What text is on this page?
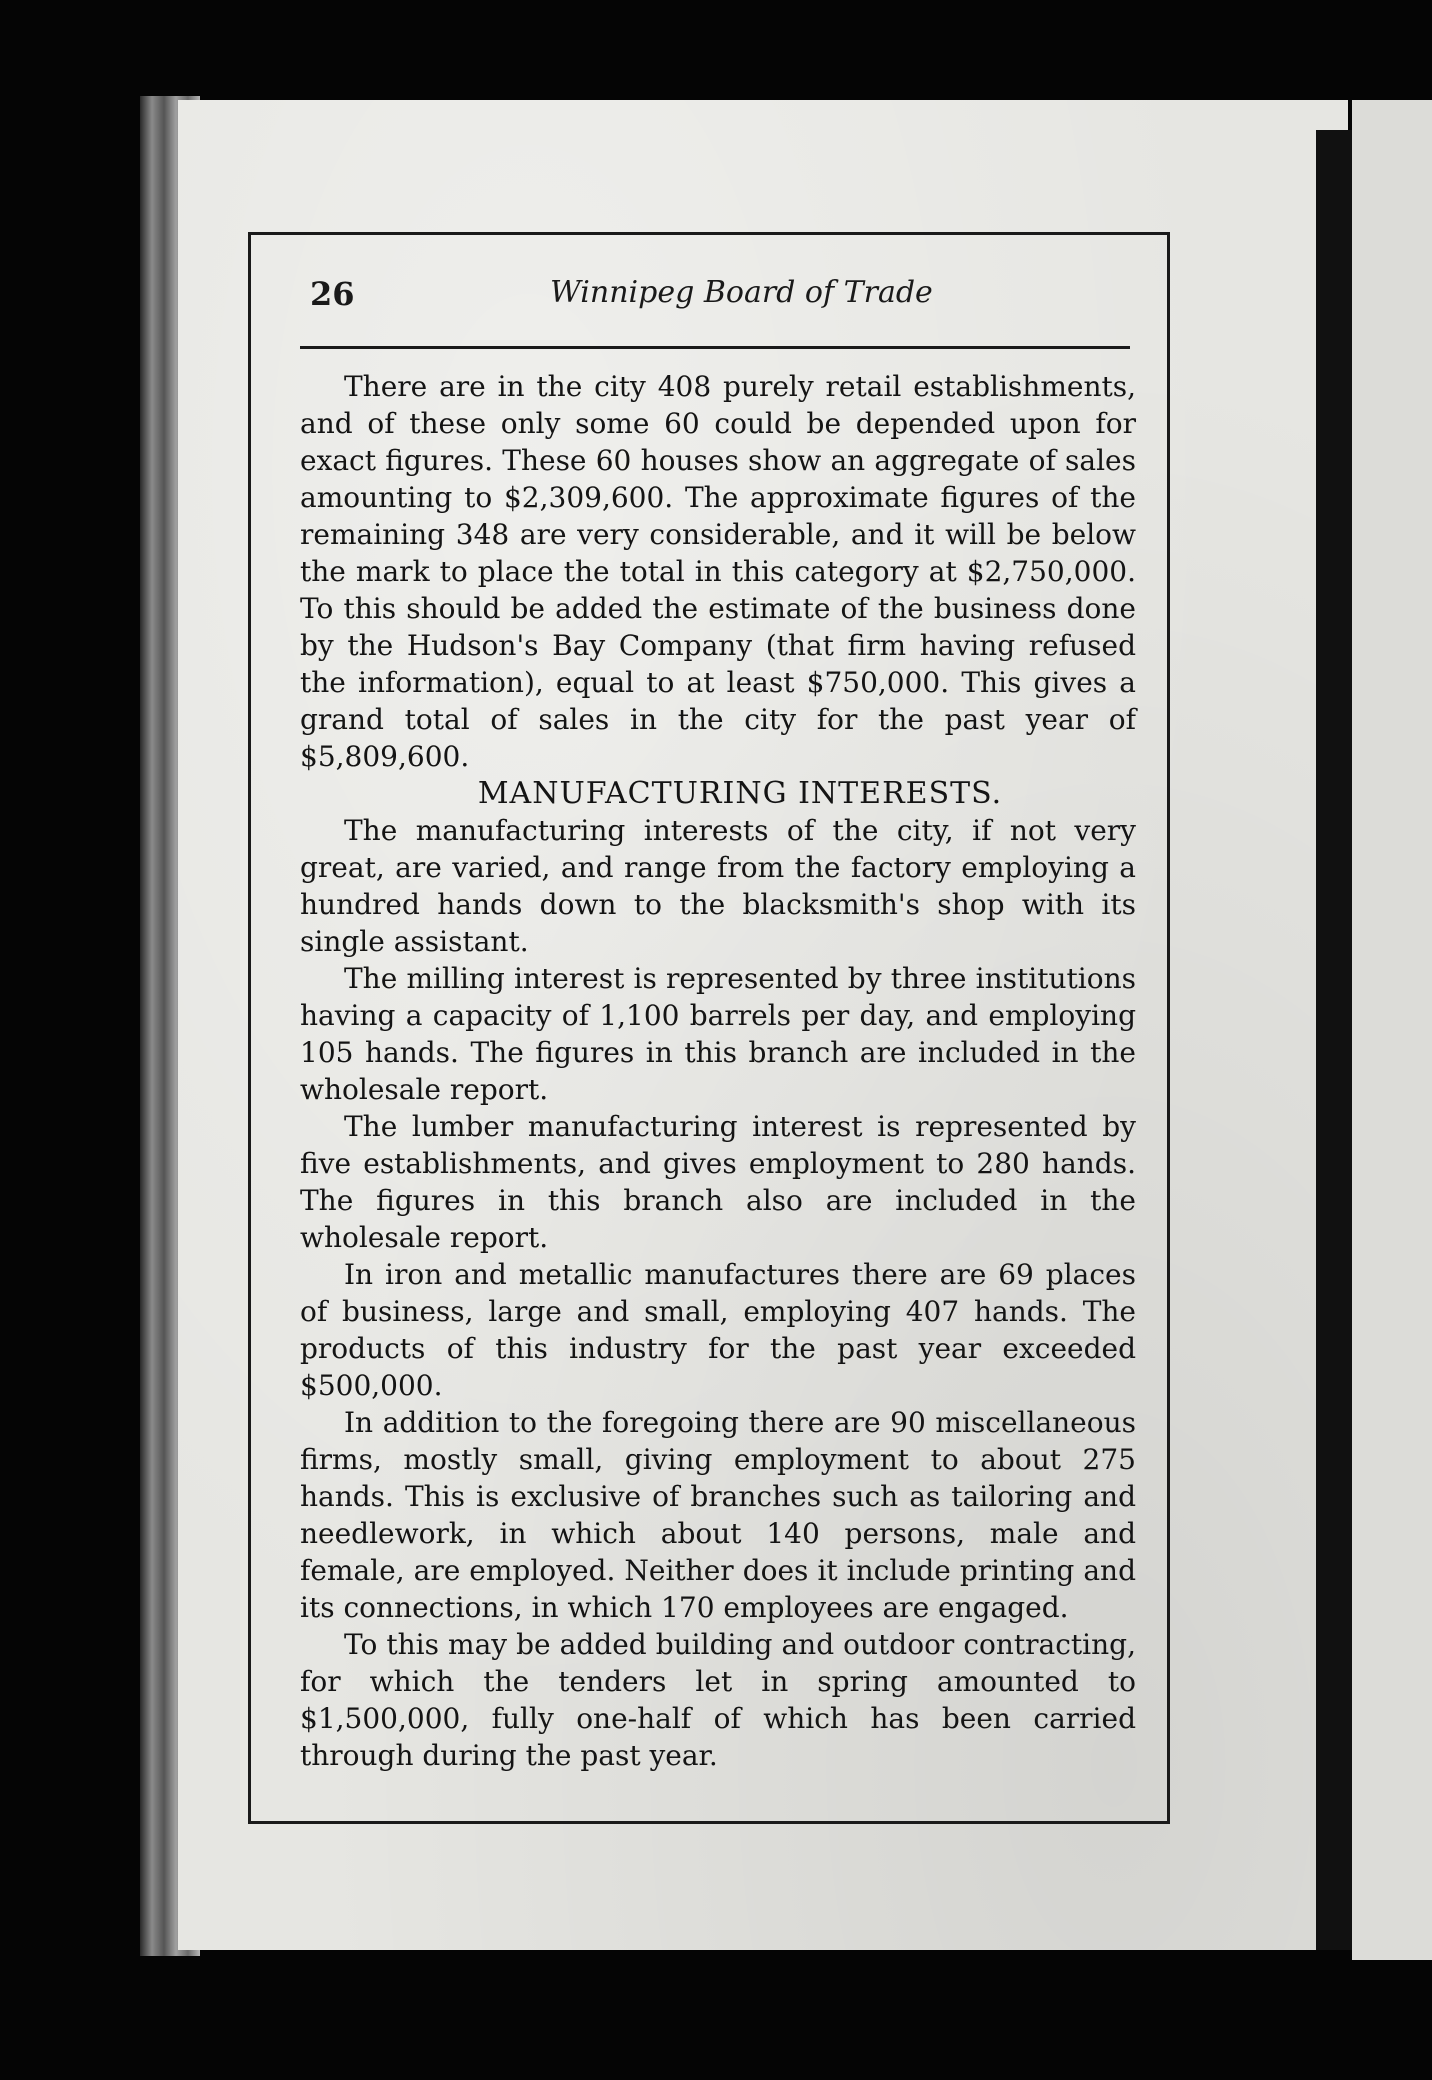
26	Winnipeg Board of Trade

There are in the city 408 purely retail establishments, and of these only some 60 could be depended upon for exact figures. These 60 houses show an aggregate of sales amounting to $2,309,600. The approximate figures of the remaining 348 are very considerable, and it will be below the mark to place the total in this category at $2,750,000. To this should be added the estimate of the business done by the Hudson's Bay Company (that firm having refused the information), equal to at least $750,000. This gives a grand total of sales in the city for the past year of $5,809,600.

MANUFACTURING INTERESTS.

The manufacturing interests of the city, if not very great, are varied, and range from the factory employing a hundred hands down to the blacksmith's shop with its single assistant.

The milling interest is represented by three institutions having a capacity of 1,100 barrels per day, and employing 105 hands. The figures in this branch are included in the wholesale report.

The lumber manufacturing interest is represented by five establishments, and gives employment to 280 hands. The figures in this branch also are included in the wholesale report.

In iron and metallic manufactures there are 69 places of business, large and small, employing 407 hands. The products of this industry for the past year exceeded $500,000.

In addition to the foregoing there are 90 miscellaneous firms, mostly small, giving employment to about 275 hands. This is exclusive of branches such as tailoring and needlework, in which about 140 persons, male and female, are employed. Neither does it include printing and its connections, in which 170 employees are engaged.

To this may be added building and outdoor contracting, for which the tenders let in spring amounted to $1,500,000, fully one-half of which has been carried through during the past year.
